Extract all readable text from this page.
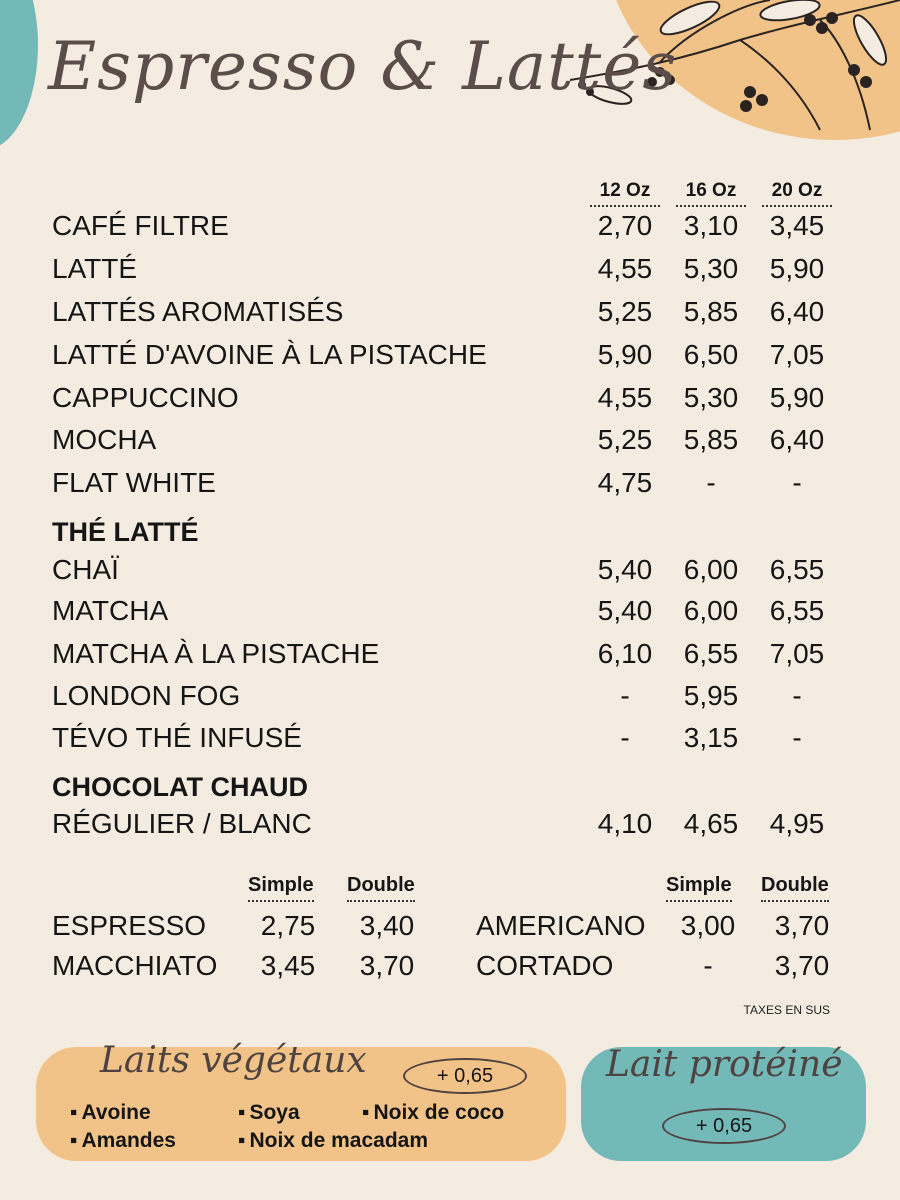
Espresso & Lattés
12 Oz	16 Oz	20 Oz
CAFÉ FILTRE	2,70	3,10	3,45
LATTÉ	4,55	5,30	5,90
LATTÉS AROMATISÉS	5,25	5,85	6,40
LATTÉ D'AVOINE À LA PISTACHE	5,90	6,50	7,05
CAPPUCCINO	4,55	5,30	5,90
MOCHA	5,25	5,85	6,40
FLAT WHITE	4,75	-	-
THÉ LATTÉ
CHAÏ	5,40	6,00	6,55
MATCHA	5,40	6,00	6,55
MATCHA À LA PISTACHE	6,10	6,55	7,05
LONDON FOG	-	5,95	-
TÉVO THÉ INFUSÉ	-	3,15	-
CHOCOLAT CHAUD
RÉGULIER / BLANC	4,10	4,65	4,95
Simple Double	Simple Double
ESPRESSO	2,75	3,40
MACCHIATO	3,45	3,70
AMERICANO	3,00	3,70
CORTADO	-	3,70
TAXES EN SUS
Laits végétaux	+ 0,65
▪ Avoine	▪ Soya	▪ Noix de coco
▪ Amandes	▪ Noix de macadam
Lait protéiné
+ 0,65
